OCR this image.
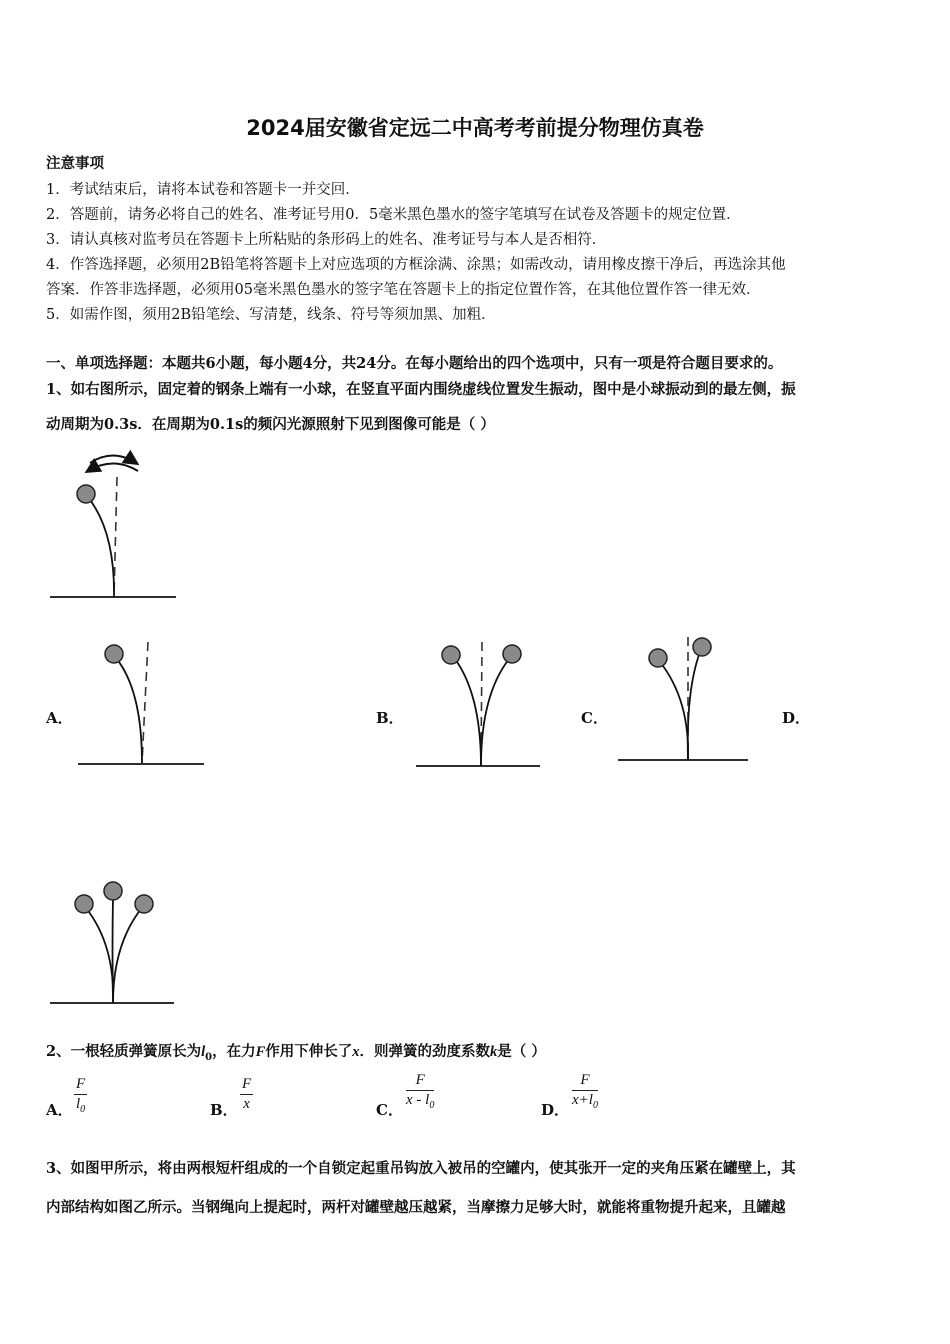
2024届安徽省定远二中高考考前提分物理仿真卷
注意事项
1．考试结束后，请将本试卷和答题卡一并交回．
2．答题前，请务必将自己的姓名、准考证号用0．5毫米黑色墨水的签字笔填写在试卷及答题卡的规定位置．
3．请认真核对监考员在答题卡上所粘贴的条形码上的姓名、准考证号与本人是否相符．
4．作答选择题，必须用2B铅笔将答题卡上对应选项的方框涂满、涂黑；如需改动，请用橡皮擦干净后，再选涂其他
答案．作答非选择题，必须用05毫米黑色墨水的签字笔在答题卡上的指定位置作答，在其他位置作答一律无效．
5．如需作图，须用2B铅笔绘、写清楚，线条、符号等须加黑、加粗．
一、单项选择题：本题共6小题，每小题4分，共24分。在每小题给出的四个选项中，只有一项是符合题目要求的。
1、如右图所示，固定着的钢条上端有一小球，在竖直平面内围绕虚线位置发生振动，图中是小球振动到的最左侧，振
动周期为0.3s．在周期为0.1s的频闪光源照射下见到图像可能是（ ）
A．	B．	C．	D．
2、一根轻质弹簧原长为$l_0$，在力F作用下伸长了x．则弹簧的劲度系数k是（ ）
A． $\frac{F}{l_0}$	B． $\frac{F}{x}$	C． $\frac{F}{x - l_0}$	D． $\frac{F}{x+l_0}$
3、如图甲所示，将由两根短杆组成的一个自锁定起重吊钩放入被吊的空罐内，使其张开一定的夹角压紧在罐壁上，其
内部结构如图乙所示。当钢绳向上提起时，两杆对罐壁越压越紧，当摩擦力足够大时，就能将重物提升起来，且罐越
